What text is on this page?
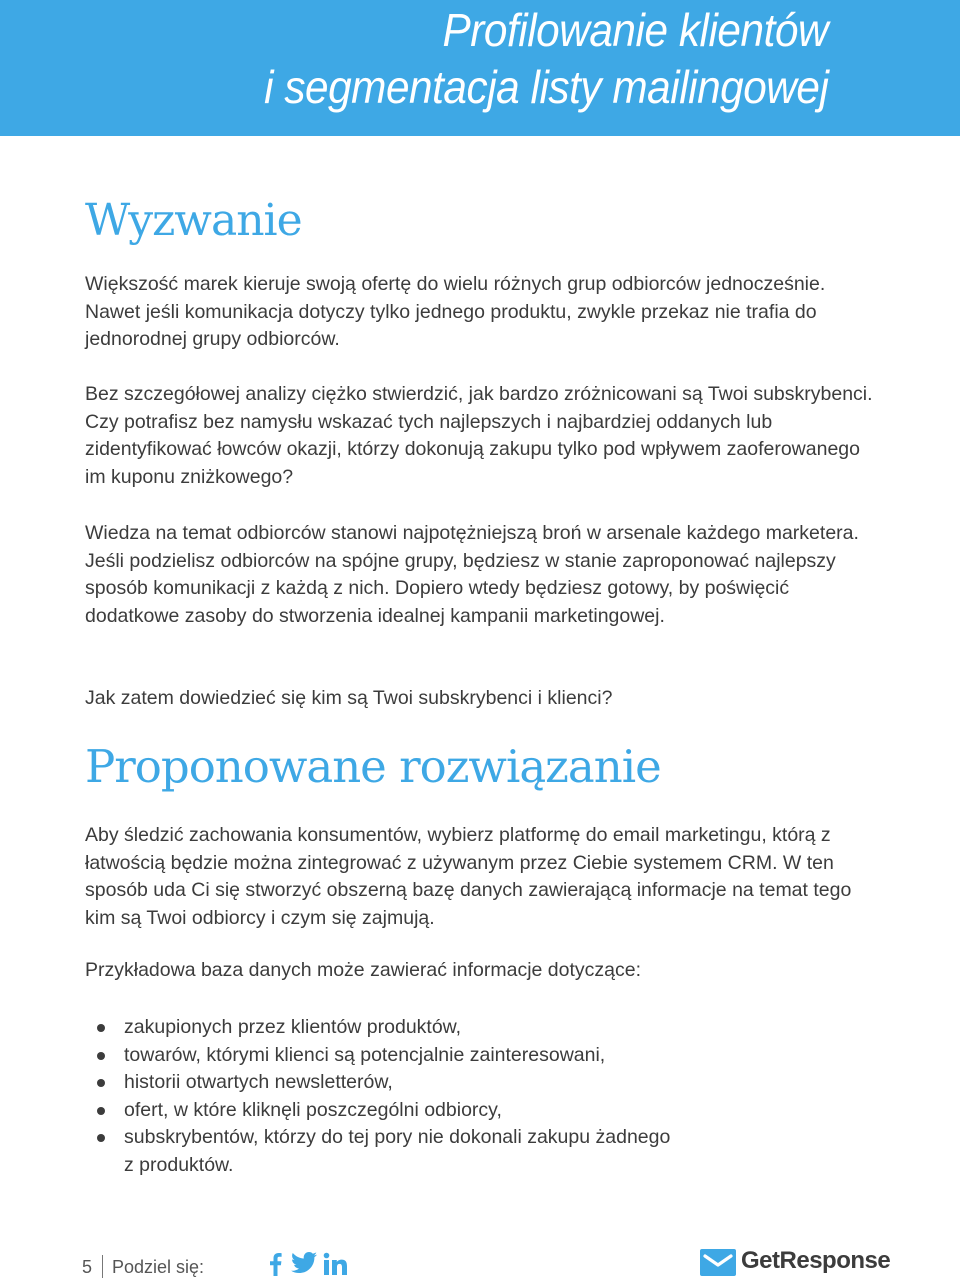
Profilowanie klientów
i segmentacja listy mailingowej
Wyzwanie

Większość marek kieruje swoją ofertę do wielu różnych grup odbiorców jednocześnie. Nawet jeśli komunikacja dotyczy tylko jednego produktu, zwykle przekaz nie trafia do jednorodnej grupy odbiorców.

Bez szczegółowej analizy ciężko stwierdzić, jak bardzo zróżnicowani są Twoi subskrybenci. Czy potrafisz bez namysłu wskazać tych najlepszych i najbardziej oddanych lub zidentyfikować łowców okazji, którzy dokonują zakupu tylko pod wpływem zaoferowanego im kuponu zniżkowego?

Wiedza na temat odbiorców stanowi najpotężniejszą broń w arsenale każdego marketera. Jeśli podzielisz odbiorców na spójne grupy, będziesz w stanie zaproponować najlepszy sposób komunikacji z każdą z nich. Dopiero wtedy będziesz gotowy, by poświęcić dodatkowe zasoby do stworzenia idealnej kampanii marketingowej.

Jak zatem dowiedzieć się kim są Twoi subskrybenci i klienci?

Proponowane rozwiązanie

Aby śledzić zachowania konsumentów, wybierz platformę do email marketingu, którą z łatwością będzie można zintegrować z używanym przez Ciebie systemem CRM. W ten sposób uda Ci się stworzyć obszerną bazę danych zawierającą informacje na temat tego kim są Twoi odbiorcy i czym się zajmują.

Przykładowa baza danych może zawierać informacje dotyczące:

zakupionych przez klientów produktów,
towarów, którymi klienci są potencjalnie zainteresowani,
historii otwartych newsletterów,
ofert, w które kliknęli poszczególni odbiorcy,
subskrybentów, którzy do tej pory nie dokonali zakupu żadnego
z produktów.
5 Podziel się:	GetResponse
